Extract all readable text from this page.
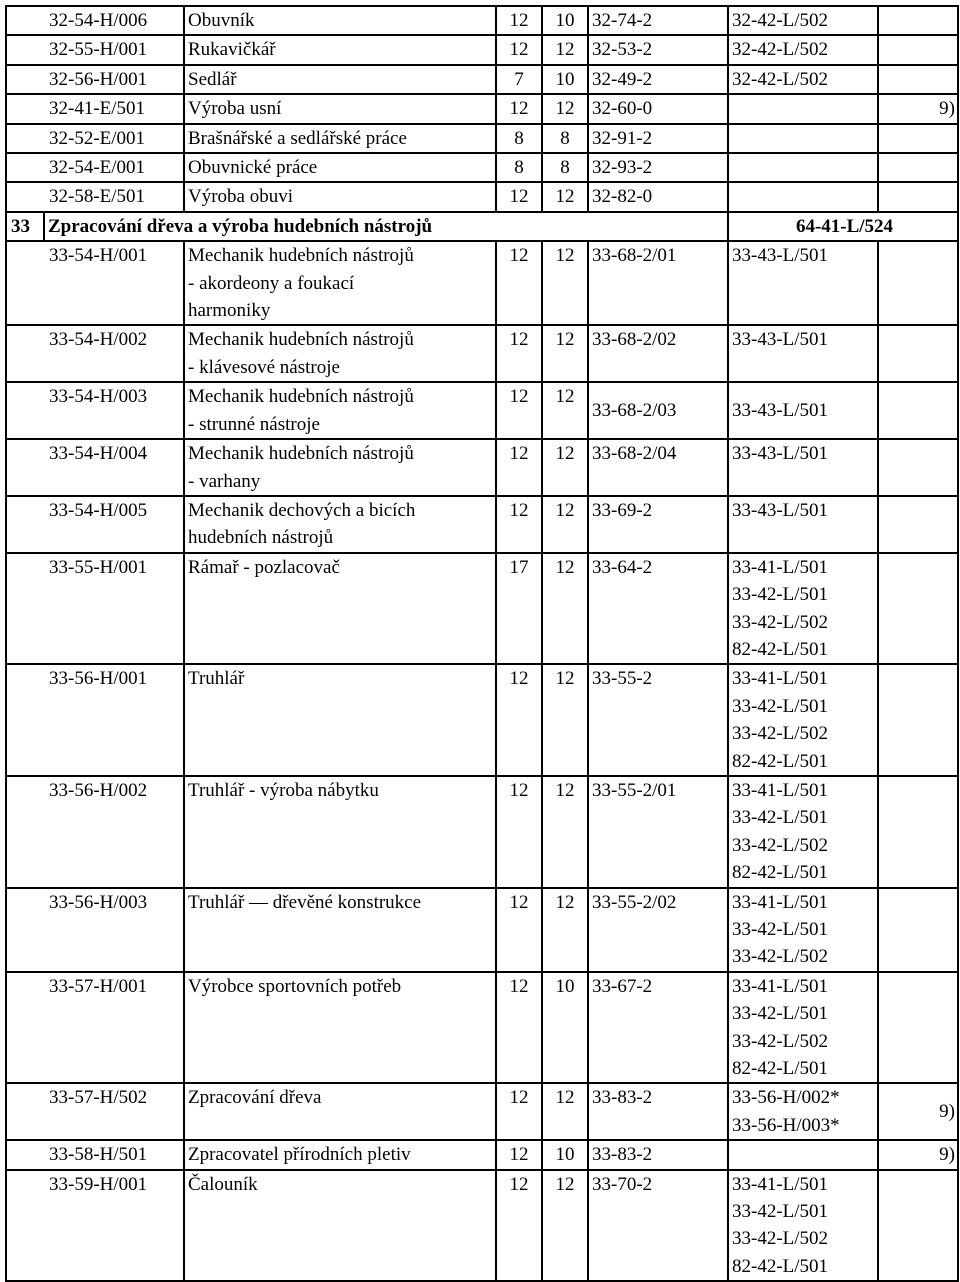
32-54-H/006		Obuvník	12	10	32-74-2	32-42-L/502	

32-55-H/001		Rukavičkář	12	12	32-53-2	32-42-L/502	

32-56-H/001		Sedlář	7	10	32-49-2	32-42-L/502	

32-41-E/501		Výroba usní	12	12	32-60-0		9)
32-52-E/001		Brašnářské a sedlářské práce	8	8	32-91-2	

32-54-E/001		Obuvnické práce	8	8	32-93-2	

32-58-E/501		Výroba obuvi	12	12	32-82-0	

33	Zpracování dřeva a výroba hudebních nástrojů					64-41-L/524	
33-54-H/001		Mechanik hudebních nástrojů
- akordeony a foukací
harmoniky	12	12	33-68-2/01	33-43-L/501	

33-54-H/002		Mechanik hudebních nástrojů
- klávesové nástroje	12	12	33-68-2/02	33-43-L/501	

33-54-H/003		Mechanik hudebních nástrojů
- strunné nástroje	12	12	33-68-2/03	33-43-L/501	

33-54-H/004		Mechanik hudebních nástrojů
- varhany	12	12	33-68-2/04	33-43-L/501	

33-54-H/005		Mechanik dechových a bicích
hudebních nástrojů	12	12	33-69-2	33-43-L/501	

33-55-H/001		Rámař - pozlacovač	17	12	33-64-2	33-41-L/501
33-42-L/501
33-42-L/502
82-42-L/501	

33-56-H/001		Truhlář	12	12	33-55-2	33-41-L/501
33-42-L/501
33-42-L/502
82-42-L/501	

33-56-H/002		Truhlář - výroba nábytku	12	12	33-55-2/01	33-41-L/501
33-42-L/501
33-42-L/502
82-42-L/501	

33-56-H/003		Truhlář — dřevěné konstrukce	12	12	33-55-2/02	33-41-L/501
33-42-L/501
33-42-L/502	

33-57-H/001		Výrobce sportovních potřeb	12	10	33-67-2	33-41-L/501
33-42-L/501
33-42-L/502
82-42-L/501	

33-57-H/502		Zpracování dřeva	12	12	33-83-2	33-56-H/002*
33-56-H/003*	9)
33-58-H/501		Zpracovatel přírodních pletiv	12	10	33-83-2		9)
33-59-H/001		Čalouník	12	12	33-70-2	33-41-L/501
33-42-L/501
33-42-L/502
82-42-L/501	
